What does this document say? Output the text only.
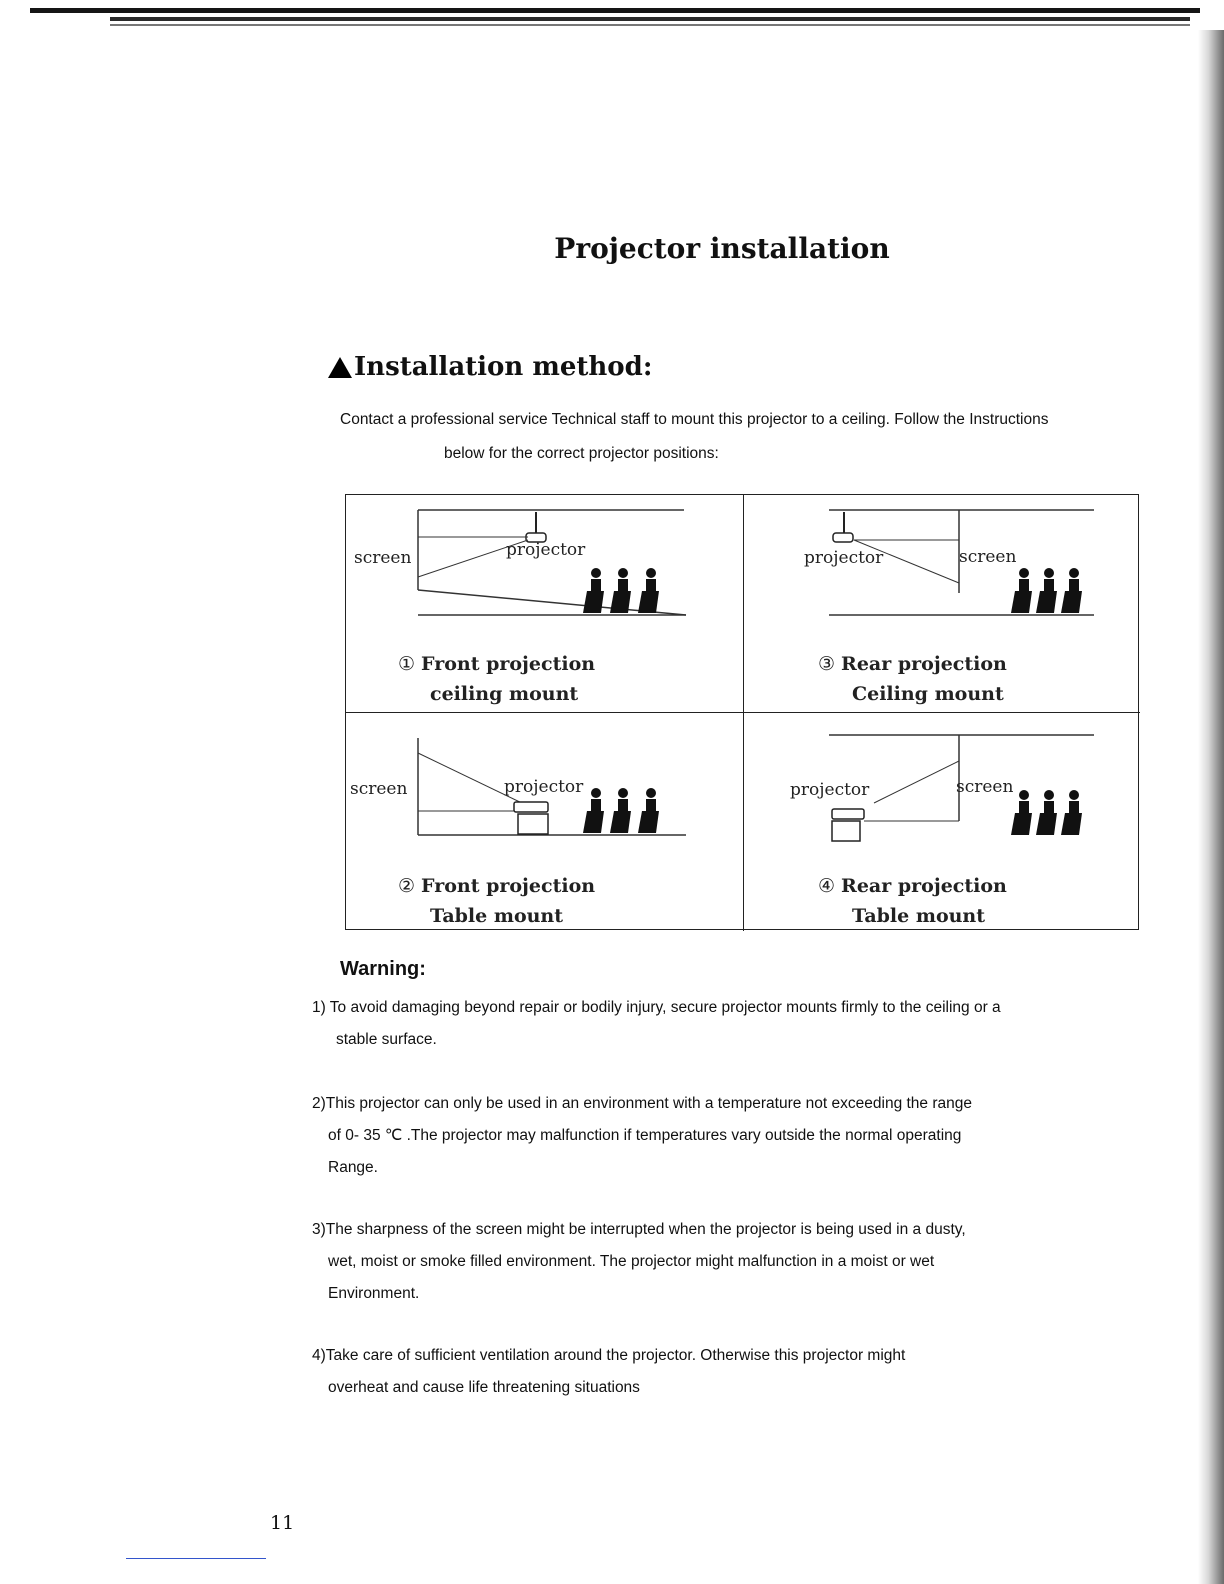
Projector installation
Installation method:
Contact a professional service Technical staff to mount this projector to a ceiling. Follow the Instructions
below for the correct projector positions:
screen	projector
① Front projection
ceiling mount
projector	screen
③ Rear projection
Ceiling mount
screen	projector
② Front projection
Table mount
projector	screen
④ Rear projection
Table mount
Warning:
1) To avoid damaging beyond repair or bodily injury, secure projector mounts firmly to the ceiling or a
stable surface.
2)This projector can only be used in an environment with a temperature not exceeding the range
of 0- 35 ℃ .The projector may malfunction if temperatures vary outside the normal operating
Range.
3)The sharpness of the screen might be interrupted when the projector is being used in a dusty,
wet, moist or smoke filled environment. The projector might malfunction in a moist or wet
Environment.
4)Take care of sufficient ventilation around the projector. Otherwise this projector might
overheat and cause life threatening situations
11
